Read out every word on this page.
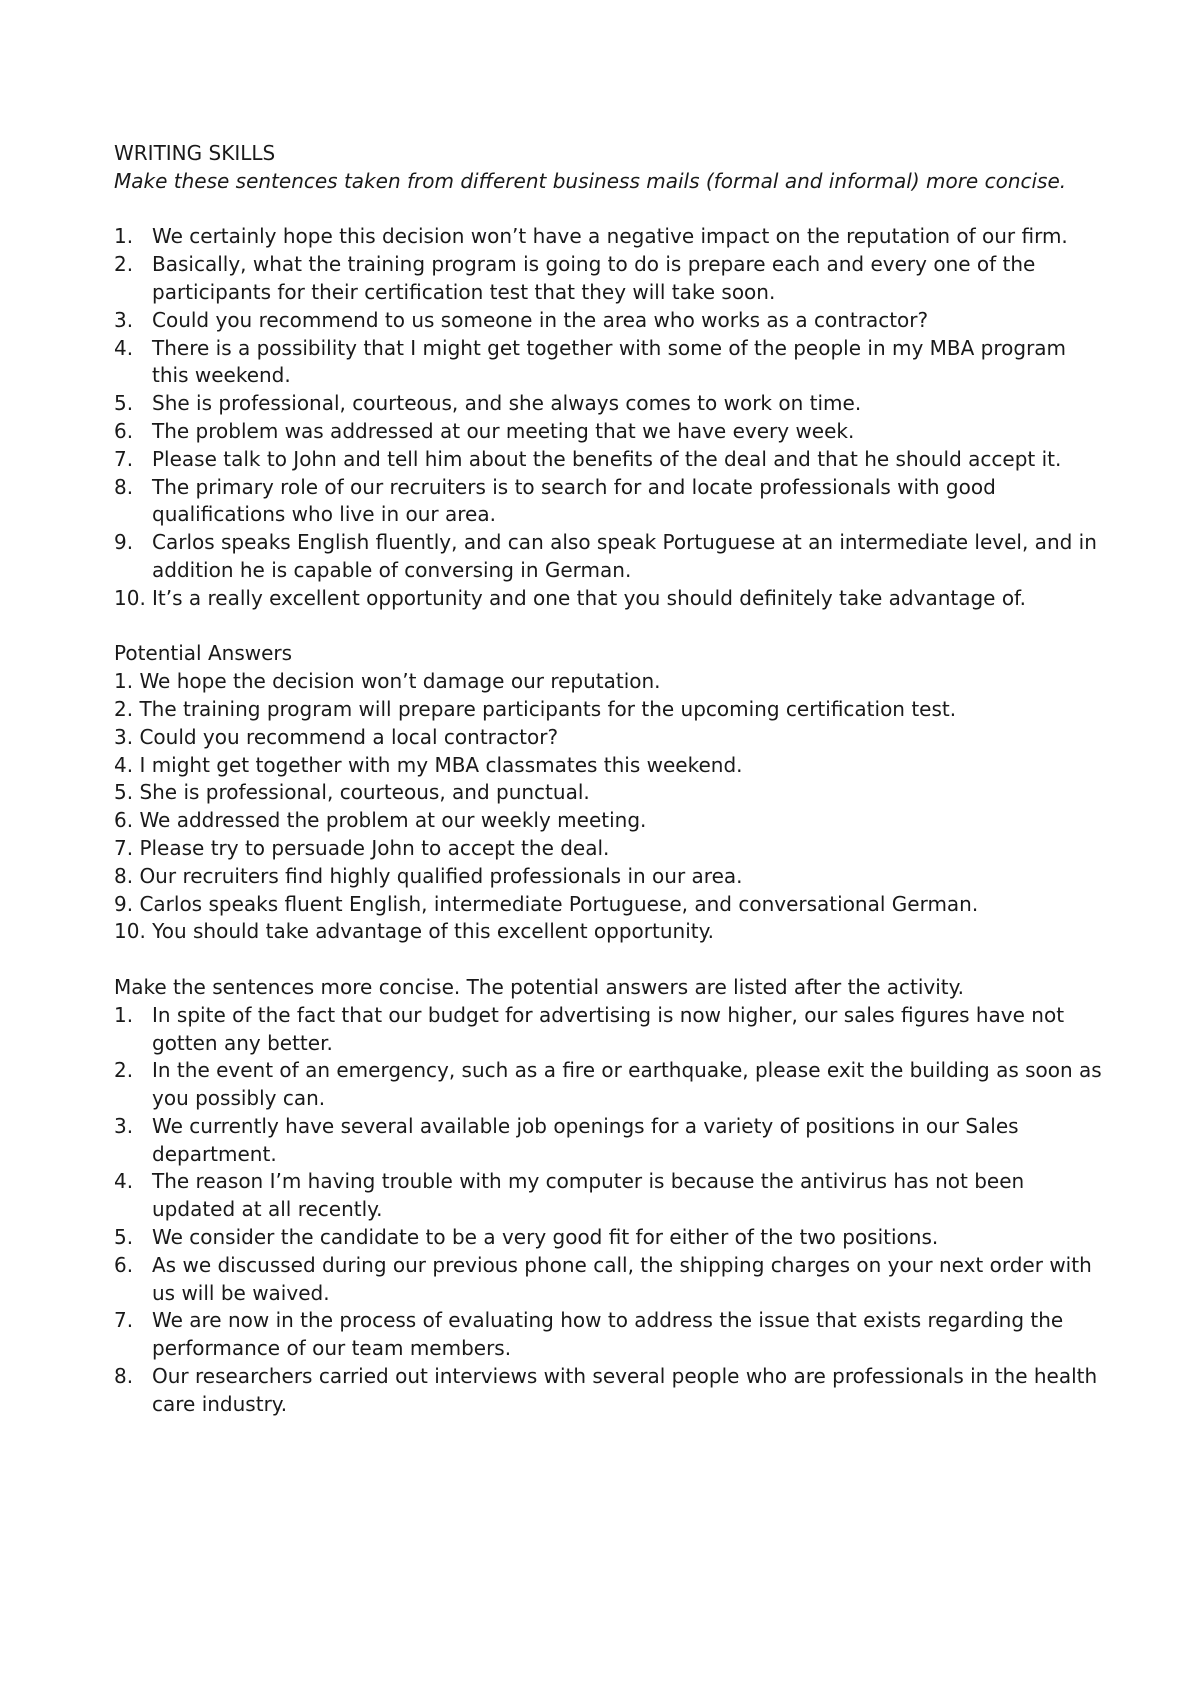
WRITING SKILLS

Make these sentences taken from different business mails (formal and informal) more concise.

1. We certainly hope this decision won’t have a negative impact on the reputation of our firm.
2. Basically, what the training program is going to do is prepare each and every one of the participants for their certification test that they will take soon.
3. Could you recommend to us someone in the area who works as a contractor?
4. There is a possibility that I might get together with some of the people in my MBA program this weekend.
5. She is professional, courteous, and she always comes to work on time.
6. The problem was addressed at our meeting that we have every week.
7. Please talk to John and tell him about the benefits of the deal and that he should accept it.
8. The primary role of our recruiters is to search for and locate professionals with good qualifications who live in our area.
9. Carlos speaks English fluently, and can also speak Portuguese at an intermediate level, and in addition he is capable of conversing in German.
10. It’s a really excellent opportunity and one that you should definitely take advantage of.

Potential Answers

1. We hope the decision won’t damage our reputation.
2. The training program will prepare participants for the upcoming certification test.
3. Could you recommend a local contractor?
4. I might get together with my MBA classmates this weekend.
5. She is professional, courteous, and punctual.
6. We addressed the problem at our weekly meeting.
7. Please try to persuade John to accept the deal.
8. Our recruiters find highly qualified professionals in our area.
9. Carlos speaks fluent English, intermediate Portuguese, and conversational German.
10. You should take advantage of this excellent opportunity.

Make the sentences more concise. The potential answers are listed after the activity.

1. In spite of the fact that our budget for advertising is now higher, our sales figures have not gotten any better.
2. In the event of an emergency, such as a fire or earthquake, please exit the building as soon as you possibly can.
3. We currently have several available job openings for a variety of positions in our Sales department.
4. The reason I’m having trouble with my computer is because the antivirus has not been updated at all recently.
5. We consider the candidate to be a very good fit for either of the two positions.
6. As we discussed during our previous phone call, the shipping charges on your next order with us will be waived.
7. We are now in the process of evaluating how to address the issue that exists regarding the performance of our team members.
8. Our researchers carried out interviews with several people who are professionals in the health care industry.
